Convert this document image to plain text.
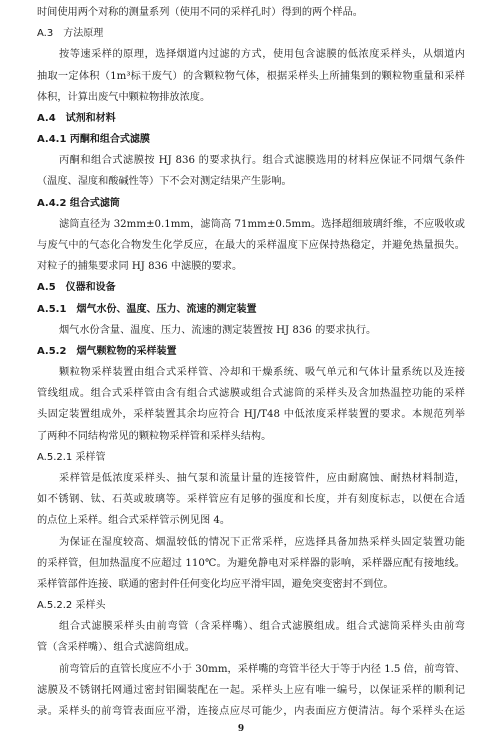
时间使用两个对称的测量系列（使用不同的采样孔时）得到的两个样品。
A.3　方法原理
按等速采样的原理，选择烟道内过滤的方式，使用包含滤膜的低浓度采样头，从烟道内
抽取一定体积（1m³标干废气）的含颗粒物气体，根据采样头上所捕集到的颗粒物重量和采样
体积，计算出废气中颗粒物排放浓度。
A.4　试剂和材料
A.4.1 丙酮和组合式滤膜
丙酮和组合式滤膜按 HJ 836 的要求执行。组合式滤膜选用的材料应保证不同烟气条件
（温度、湿度和酸碱性等）下不会对测定结果产生影响。
A.4.2 组合式滤筒
滤筒直径为 32mm±0.1mm，滤筒高 71mm±0.5mm。选择超细玻璃纤维，不应吸收或
与废气中的气态化合物发生化学反应，在最大的采样温度下应保持热稳定，并避免热量损失。
对粒子的捕集要求同 HJ 836 中滤膜的要求。
A.5　仪器和设备
A.5.1　烟气水份、温度、压力、流速的测定装置
烟气水份含量、温度、压力、流速的测定装置按 HJ 836 的要求执行。
A.5.2　烟气颗粒物的采样装置
颗粒物采样装置由组合式采样管、冷却和干燥系统、吸气单元和气体计量系统以及连接
管线组成。组合式采样管由含有组合式滤膜或组合式滤筒的采样头及含加热温控功能的采样
头固定装置组成外，采样装置其余均应符合 HJ/T48 中低浓度采样装置的要求。本规范列举
了两种不同结构常见的颗粒物采样管和采样头结构。
A.5.2.1 采样管
采样管是低浓度采样头、抽气泵和流量计量的连接管件，应由耐腐蚀、耐热材料制造，
如不锈钢、钛、石英或玻璃等。采样管应有足够的强度和长度，并有刻度标志，以便在合适
的点位上采样。组合式采样管示例见图 4。
为保证在湿度较高、烟温较低的情况下正常采样，应选择具备加热采样头固定装置功能
的采样管，但加热温度不应超过 110℃。为避免静电对采样器的影响，采样器应配有接地线。
采样管部件连接、联通的密封件任何变化均应平滑牢固，避免突变密封不到位。
A.5.2.2 采样头
组合式滤膜采样头由前弯管（含采样嘴）、组合式滤膜组成。组合式滤筒采样头由前弯
管（含采样嘴）、组合式滤筒组成。
前弯管后的直管长度应不小于 30mm，采样嘴的弯管半径大于等于内径 1.5 倍，前弯管、
滤膜及不锈钢托网通过密封铝圈装配在一起。采样头上应有唯一编号，以保证采样的顺利记
录。采样头的前弯管表面应平滑，连接点应尽可能少，内表面应方便清洁。每个采样头在运
9
